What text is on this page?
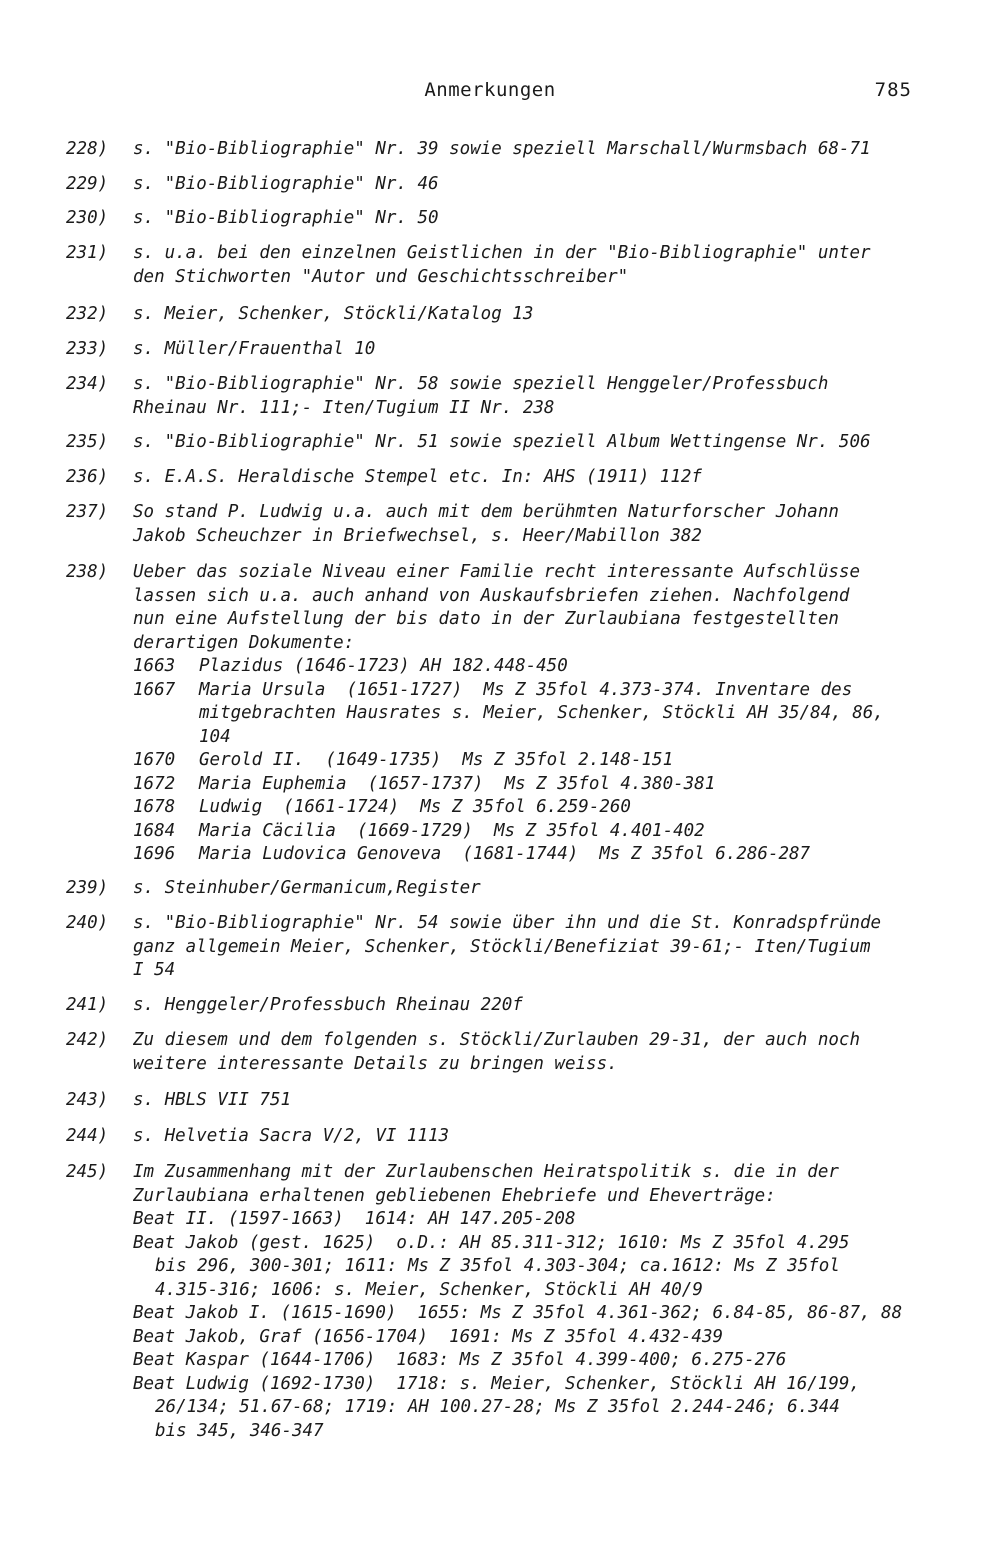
Anmerkungen	785
228)	s. "Bio-Bibliographie" Nr. 39 sowie speziell Marschall/Wurmsbach 68-71
229)	s. "Bio-Bibliographie" Nr. 46
230)	s. "Bio-Bibliographie" Nr. 50
231)	s. u.a. bei den einzelnen Geistlichen in der "Bio-Bibliographie" unter
den Stichworten "Autor und Geschichtsschreiber"
232)	s. Meier, Schenker, Stöckli/Katalog 13
233)	s. Müller/Frauenthal 10
234)	s. "Bio-Bibliographie" Nr. 58 sowie speziell Henggeler/Professbuch
Rheinau Nr. 111;- Iten/Tugium II Nr. 238
235)	s. "Bio-Bibliographie" Nr. 51 sowie speziell Album Wettingense Nr. 506
236)	s. E.A.S. Heraldische Stempel etc. In: AHS (1911) 112f
237)	So stand P. Ludwig u.a. auch mit dem berühmten Naturforscher Johann
Jakob Scheuchzer in Briefwechsel, s. Heer/Mabillon 382
238)	Ueber das soziale Niveau einer Familie recht interessante Aufschlüsse
lassen sich u.a. auch anhand von Auskaufsbriefen ziehen. Nachfolgend
nun eine Aufstellung der bis dato in der Zurlaubiana festgestellten
derartigen Dokumente:
1663 Plazidus (1646-1723) AH 182.448-450
1667 Maria Ursula  (1651-1727)  Ms Z 35fol 4.373-374. Inventare des
mitgebrachten Hausrates s. Meier, Schenker, Stöckli AH 35/84, 86,
104
1670 Gerold II.  (1649-1735)  Ms Z 35fol 2.148-151
1672 Maria Euphemia  (1657-1737)  Ms Z 35fol 4.380-381
1678 Ludwig  (1661-1724)  Ms Z 35fol 6.259-260
1684 Maria Cäcilia  (1669-1729)  Ms Z 35fol 4.401-402
1696 Maria Ludovica Genoveva  (1681-1744)  Ms Z 35fol 6.286-287
239)	s. Steinhuber/Germanicum,Register
240)	s. "Bio-Bibliographie" Nr. 54 sowie über ihn und die St. Konradspfründe
ganz allgemein Meier, Schenker, Stöckli/Benefiziat 39-61;- Iten/Tugium
I 54
241)	s. Henggeler/Professbuch Rheinau 220f
242)	Zu diesem und dem folgenden s. Stöckli/Zurlauben 29-31, der auch noch
weitere interessante Details zu bringen weiss.
243)	s. HBLS VII 751
244)	s. Helvetia Sacra V/2, VI 1113
245)	Im Zusammenhang mit der Zurlaubenschen Heiratspolitik s. die in der
Zurlaubiana erhaltenen gebliebenen Ehebriefe und Eheverträge:
Beat II. (1597-1663)  1614: AH 147.205-208
Beat Jakob (gest. 1625)  o.D.: AH 85.311-312; 1610: Ms Z 35fol 4.295
bis 296, 300-301; 1611: Ms Z 35fol 4.303-304; ca.1612: Ms Z 35fol
4.315-316; 1606: s. Meier, Schenker, Stöckli AH 40/9
Beat Jakob I. (1615-1690)  1655: Ms Z 35fol 4.361-362; 6.84-85, 86-87, 88
Beat Jakob, Graf (1656-1704)  1691: Ms Z 35fol 4.432-439
Beat Kaspar (1644-1706)  1683: Ms Z 35fol 4.399-400; 6.275-276
Beat Ludwig (1692-1730)  1718: s. Meier, Schenker, Stöckli AH 16/199,
26/134; 51.67-68; 1719: AH 100.27-28; Ms Z 35fol 2.244-246; 6.344
bis 345, 346-347
